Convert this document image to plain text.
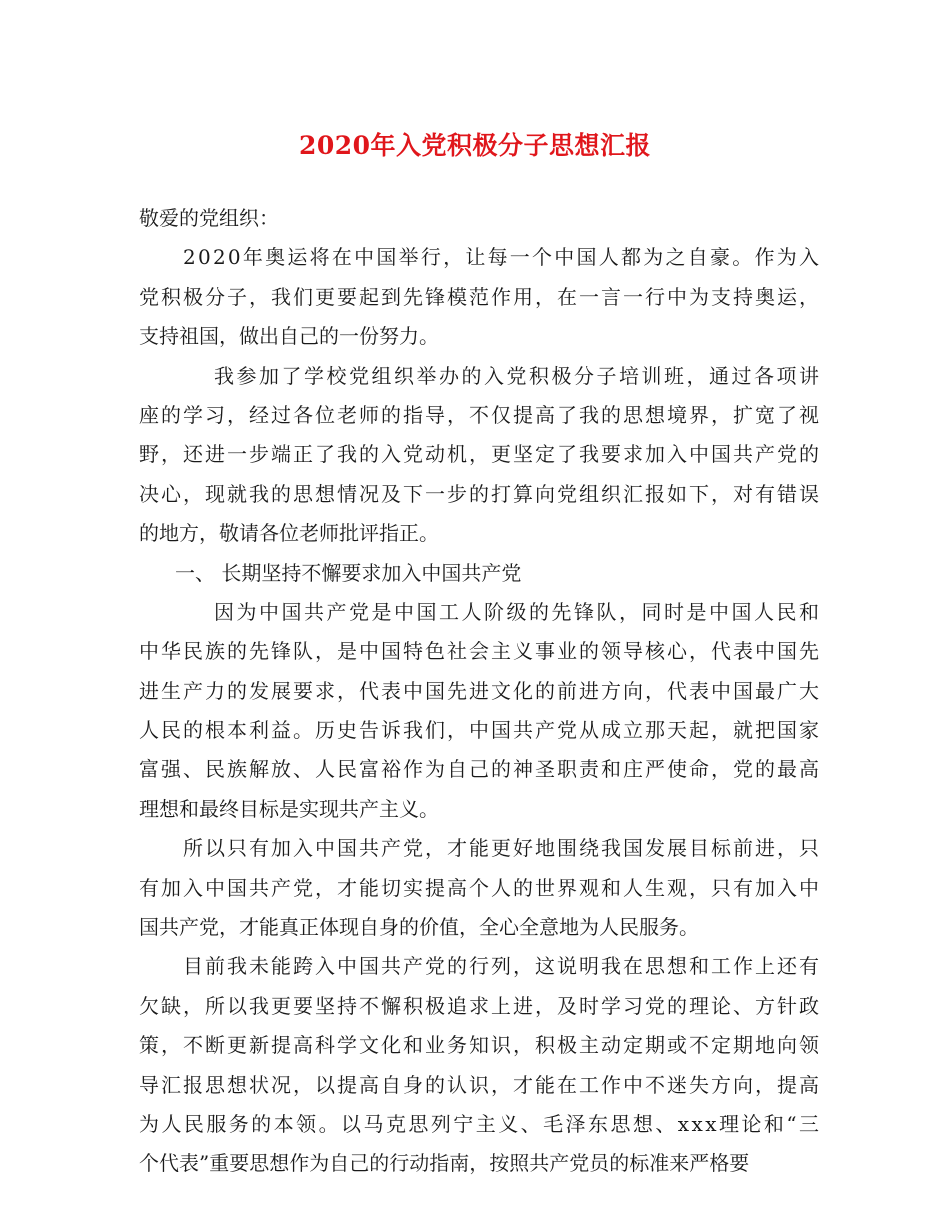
2020年入党积极分子思想汇报
敬爱的党组织：
2020年奥运将在中国举行，让每一个中国人都为之自豪。作为入
党积极分子，我们更要起到先锋模范作用，在一言一行中为支持奥运，
支持祖国，做出自己的一份努力。
我参加了学校党组织举办的入党积极分子培训班，通过各项讲
座的学习，经过各位老师的指导，不仅提高了我的思想境界，扩宽了视
野，还进一步端正了我的入党动机，更坚定了我要求加入中国共产党的
决心，现就我的思想情况及下一步的打算向党组织汇报如下，对有错误
的地方，敬请各位老师批评指正。
一、 长期坚持不懈要求加入中国共产党
因为中国共产党是中国工人阶级的先锋队，同时是中国人民和
中华民族的先锋队，是中国特色社会主义事业的领导核心，代表中国先
进生产力的发展要求，代表中国先进文化的前进方向，代表中国最广大
人民的根本利益。历史告诉我们，中国共产党从成立那天起，就把国家
富强、民族解放、人民富裕作为自己的神圣职责和庄严使命，党的最高
理想和最终目标是实现共产主义。
所以只有加入中国共产党，才能更好地围绕我国发展目标前进，只
有加入中国共产党，才能切实提高个人的世界观和人生观，只有加入中
国共产党，才能真正体现自身的价值，全心全意地为人民服务。
目前我未能跨入中国共产党的行列，这说明我在思想和工作上还有
欠缺，所以我更要坚持不懈积极追求上进，及时学习党的理论、方针政
策，不断更新提高科学文化和业务知识，积极主动定期或不定期地向领
导汇报思想状况，以提高自身的认识，才能在工作中不迷失方向，提高
为人民服务的本领。以马克思列宁主义、毛泽东思想、xxx理论和“三
个代表”重要思想作为自己的行动指南，按照共产党员的标准来严格要
